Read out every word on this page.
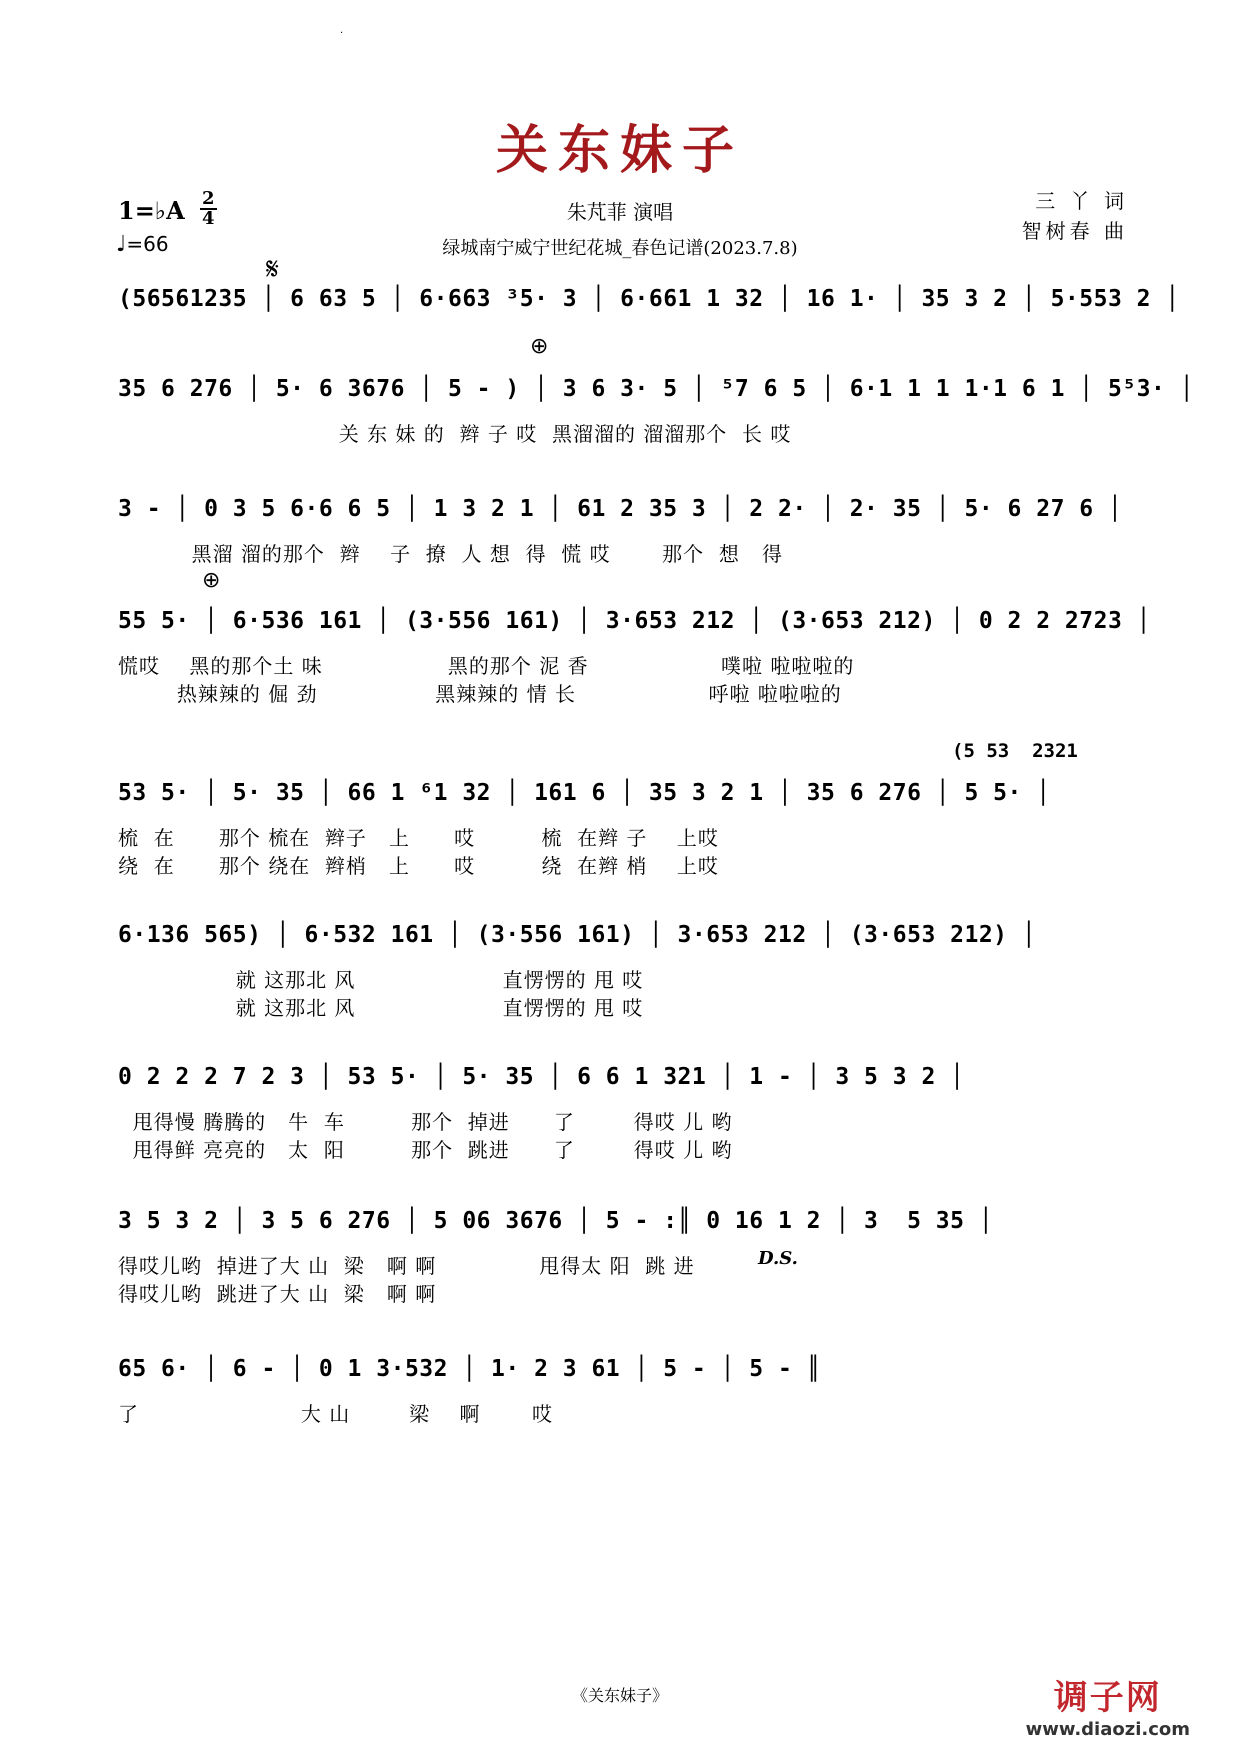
·
关东妹子
1=♭A 2
4
♩=66
朱芃菲 演唱
绿城南宁威宁世纪花城_春色记谱(2023.7.8)
三 丫 词
智树春 曲
𝄋
⊕
⊕
(56561235 │ 6 63 5 │ 6·663 ³5· 3 │ 6·661 1 32 │ 16 1· │ 35 3 2 │ 5·553 2 │
35 6 276 │ 5· 6 3676 │ 5 - ) │ 3 6 3· 5 │ ⁵7 6 5 │ 6·1 1 1 1·1 6 1 │ 5⁵3· │
关 东 妹 的  辫 子 哎  黑溜溜的 溜溜那个  长 哎
3 - │ 0 3 5 6·6 6 5 │ 1 3 2 1 │ 61 2 35 3 │ 2 2· │ 2· 35 │ 5· 6 27 6 │
黑溜 溜的那个  辫    子  撩  人 想  得  慌 哎       那个  想   得
55 5· │ 6·536 161 │ (3·556 161) │ 3·653 212 │ (3·653 212) │ 0 2 2 2723 │
慌哎    黑的那个土 味                 黑的那个 泥 香                  噗啦 啦啦啦的
热辣辣的 倔 劲                黑辣辣的 情 长                  呼啦 啦啦啦的
(5 53  2321
53 5· │ 5· 35 │ 66 1 ⁶1 32 │ 161 6 │ 35 3 2 1 │ 35 6 276 │ 5 5· │
梳  在      那个 梳在  辫子   上      哎         梳  在辫 子    上哎
绕  在      那个 绕在  辫梢   上      哎         绕  在辫 梢    上哎
6·136 565) │ 6·532 161 │ (3·556 161) │ 3·653 212 │ (3·653 212) │
就 这那北 风                    直愣愣的 甩 哎
就 这那北 风                    直愣愣的 甩 哎
0 2 2 2 7 2 3 │ 53 5· │ 5· 35 │ 6 6 1 321 │ 1 - │ 3 5 3 2 │
甩得慢 腾腾的   牛  车         那个  掉进      了        得哎 儿 哟
甩得鲜 亮亮的   太  阳         那个  跳进      了        得哎 儿 哟
3 5 3 2 │ 3 5 6 276 │ 5 06 3676 │ 5 - :║ 0 16 1 2 │ 3  5 35 │
得哎儿哟  掉进了大 山  梁   啊 啊              甩得太 阳  跳 进
得哎儿哟  跳进了大 山  梁   啊 啊
D.S.
65 6· │ 6 - │ 0 1 3·532 │ 1· 2 3 61 │ 5 - │ 5 - ║
了                      大 山        梁    啊       哎
《关东妹子》	调子网
www.diaozi.com
